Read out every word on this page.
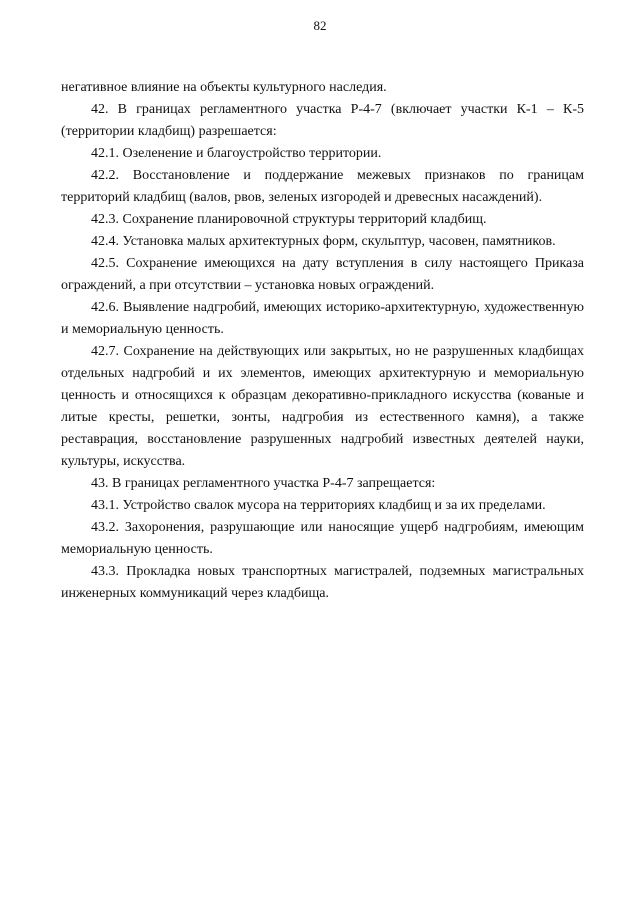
82

негативное влияние на объекты культурного наследия.

42. В границах регламентного участка Р-4-7 (включает участки К-1 – К-5 (территории кладбищ) разрешается:

42.1. Озеленение и благоустройство территории.

42.2. Восстановление и поддержание межевых признаков по границам территорий кладбищ (валов, рвов, зеленых изгородей и древесных насаждений).

42.3. Сохранение планировочной структуры территорий кладбищ.

42.4. Установка малых архитектурных форм, скульптур, часовен, памятников.

42.5. Сохранение имеющихся на дату вступления в силу настоящего Приказа ограждений, а при отсутствии – установка новых ограждений.

42.6. Выявление надгробий, имеющих историко-архитектурную, художественную и мемориальную ценность.

42.7. Сохранение на действующих или закрытых, но не разрушенных кладбищах отдельных надгробий и их элементов, имеющих архитектурную и мемориальную ценность и относящихся к образцам декоративно-прикладного искусства (кованые и литые кресты, решетки, зонты, надгробия из естественного камня), а также реставрация, восстановление разрушенных надгробий известных деятелей науки, культуры, искусства.

43. В границах регламентного участка Р-4-7 запрещается:

43.1. Устройство свалок мусора на территориях кладбищ и за их пределами.

43.2. Захоронения, разрушающие или наносящие ущерб надгробиям, имеющим мемориальную ценность.

43.3. Прокладка новых транспортных магистралей, подземных магистральных инженерных коммуникаций через кладбища.
